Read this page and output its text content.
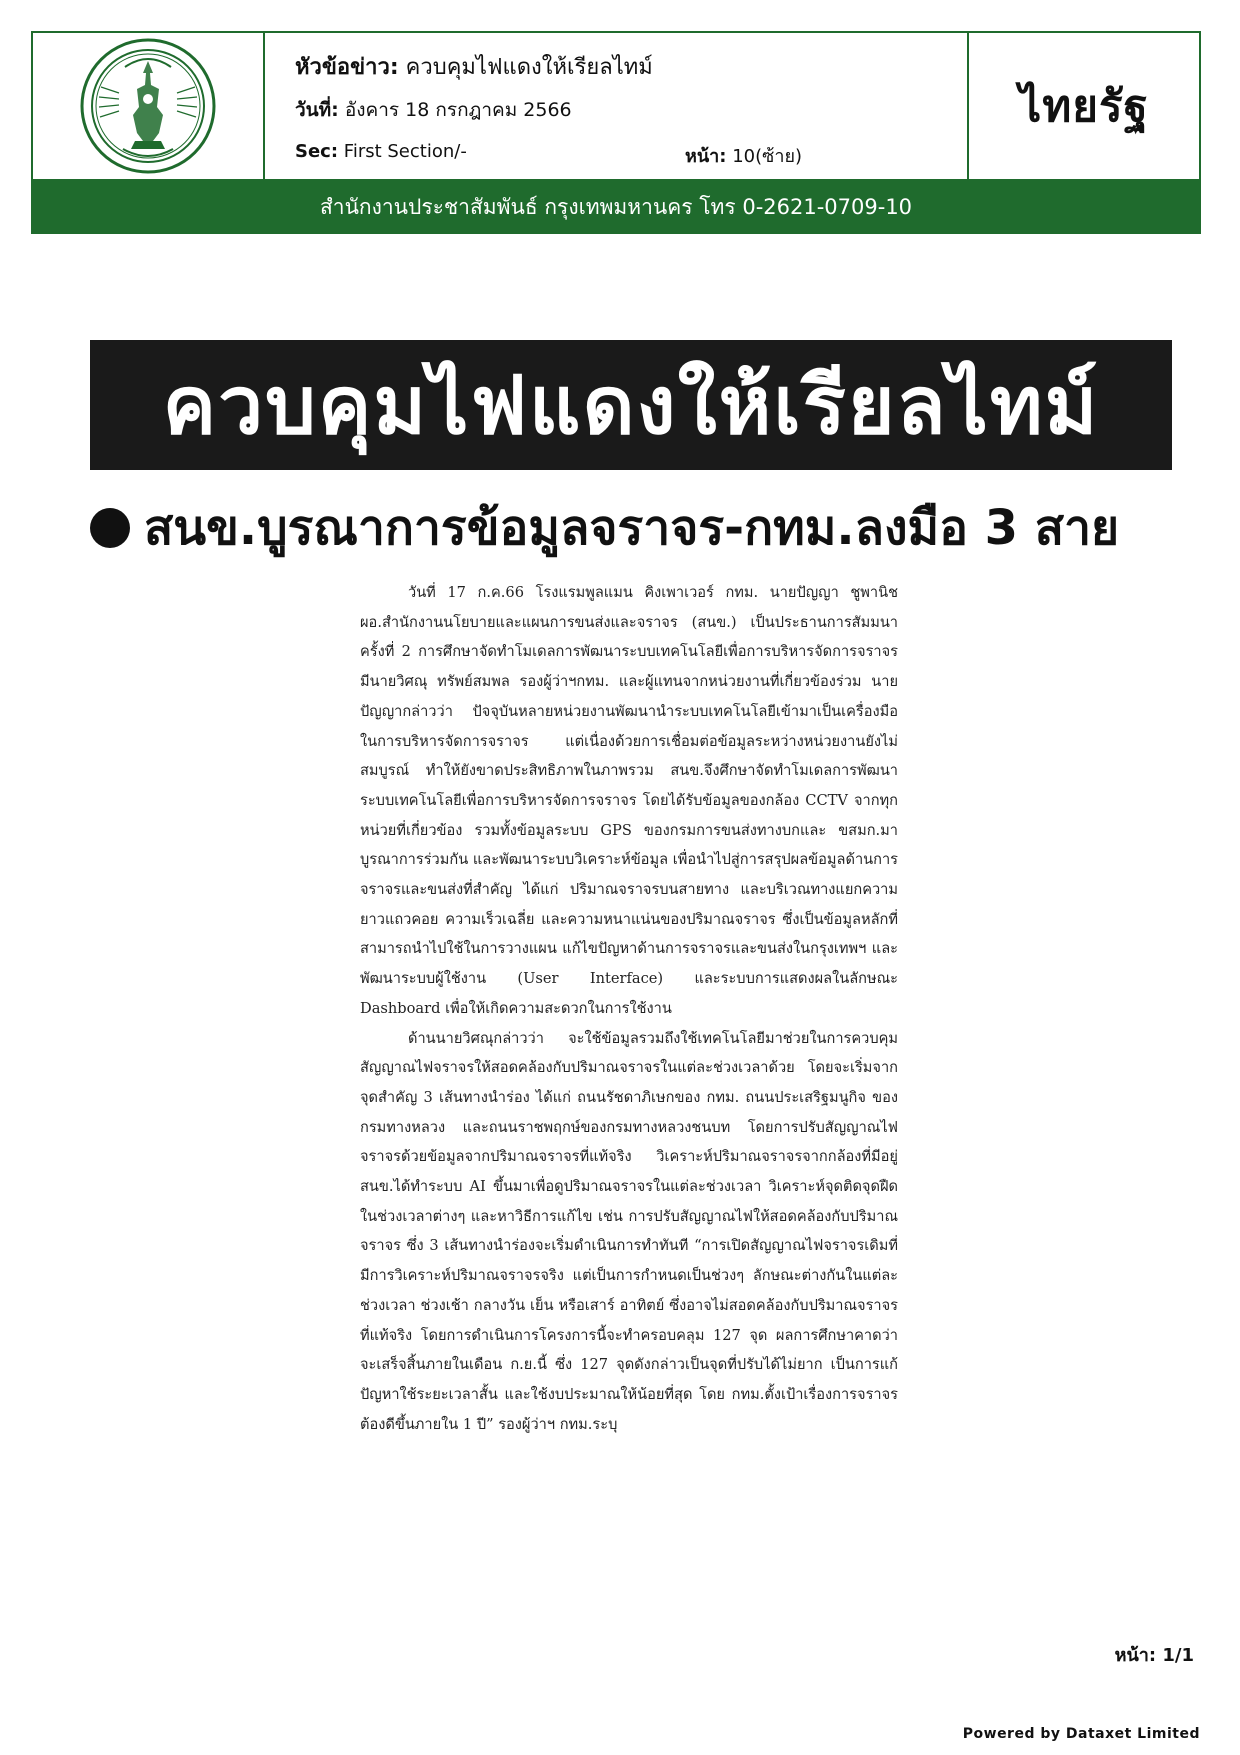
หัวข้อข่าว: ควบคุมไฟแดงให้เรียลไทม์
วันที่: อังคาร 18 กรกฎาคม 2566
Sec: First Section/-	หน้า: 10(ซ้าย)
ไทยรัฐ
สำนักงานประชาสัมพันธ์ กรุงเทพมหานคร โทร 0-2621-0709-10
ควบคุมไฟแดงให้เรียลไทม์
สนข.บูรณาการข้อมูลจราจร-กทม.ลงมือ 3 สาย

วันที่ 17 ก.ค.66 โรงแรมพูลแมน คิงเพาเวอร์ กทม. นายปัญญา ชูพานิช ผอ.สำนักงานนโยบายและแผนการขนส่งและจราจร (สนข.) เป็นประธานการสัมมนาครั้งที่ 2 การศึกษาจัดทำโมเดลการพัฒนาระบบเทคโนโลยีเพื่อการบริหารจัดการจราจร มีนายวิศณุ ทรัพย์สมพล รองผู้ว่าฯกทม. และผู้แทนจากหน่วยงานที่เกี่ยวข้องร่วม นายปัญญากล่าวว่า ปัจจุบันหลายหน่วยงานพัฒนานำระบบเทคโนโลยีเข้ามาเป็นเครื่องมือในการบริหารจัดการจราจร แต่เนื่องด้วยการเชื่อมต่อข้อมูลระหว่างหน่วยงานยังไม่สมบูรณ์ ทำให้ยังขาดประสิทธิภาพในภาพรวม สนข.จึงศึกษาจัดทำโมเดลการพัฒนาระบบเทคโนโลยีเพื่อการบริหารจัดการจราจร โดยได้รับข้อมูลของกล้อง CCTV จากทุกหน่วยที่เกี่ยวข้อง รวมทั้งข้อมูลระบบ GPS ของกรมการขนส่งทางบกและ ขสมก.มาบูรณาการร่วมกัน และพัฒนาระบบวิเคราะห์ข้อมูล เพื่อนำไปสู่การสรุปผลข้อมูลด้านการจราจรและขนส่งที่สำคัญ ได้แก่ ปริมาณจราจรบนสายทาง และบริเวณทางแยกความยาวแถวคอย ความเร็วเฉลี่ย และความหนาแน่นของปริมาณจราจร ซึ่งเป็นข้อมูลหลักที่สามารถนำไปใช้ในการวางแผน แก้ไขปัญหาด้านการจราจรและขนส่งในกรุงเทพฯ และพัฒนาระบบผู้ใช้งาน (User Interface) และระบบการแสดงผลในลักษณะ Dashboard เพื่อให้เกิดความสะดวกในการใช้งาน

ด้านนายวิศณุกล่าวว่า จะใช้ข้อมูลรวมถึงใช้เทคโนโลยีมาช่วยในการควบคุมสัญญาณไฟจราจรให้สอดคล้องกับปริมาณจราจรในแต่ละช่วงเวลาด้วย โดยจะเริ่มจากจุดสำคัญ 3 เส้นทางนำร่อง ได้แก่ ถนนรัชดาภิเษกของ กทม. ถนนประเสริฐมนูกิจ ของกรมทางหลวง และถนนราชพฤกษ์ของกรมทางหลวงชนบท โดยการปรับสัญญาณไฟจราจรด้วยข้อมูลจากปริมาณจราจรที่แท้จริง วิเคราะห์ปริมาณจราจรจากกล้องที่มีอยู่ สนข.ได้ทำระบบ AI ขึ้นมาเพื่อดูปริมาณจราจรในแต่ละช่วงเวลา วิเคราะห์จุดติดจุดฝืดในช่วงเวลาต่างๆ และหาวิธีการแก้ไข เช่น การปรับสัญญาณไฟให้สอดคล้องกับปริมาณจราจร ซึ่ง 3 เส้นทางนำร่องจะเริ่มดำเนินการทำทันที “การเปิดสัญญาณไฟจราจรเดิมที่มีการวิเคราะห์ปริมาณจราจรจริง แต่เป็นการกำหนดเป็นช่วงๆ ลักษณะต่างกันในแต่ละช่วงเวลา ช่วงเช้า กลางวัน เย็น หรือเสาร์ อาทิตย์ ซึ่งอาจไม่สอดคล้องกับปริมาณจราจรที่แท้จริง โดยการดำเนินการโครงการนี้จะทำครอบคลุม 127 จุด ผลการศึกษาคาดว่าจะเสร็จสิ้นภายในเดือน ก.ย.นี้ ซึ่ง 127 จุดดังกล่าวเป็นจุดที่ปรับได้ไม่ยาก เป็นการแก้ปัญหาใช้ระยะเวลาสั้น และใช้งบประมาณให้น้อยที่สุด โดย กทม.ตั้งเป้าเรื่องการจราจรต้องดีขึ้นภายใน 1 ปี” รองผู้ว่าฯ กทม.ระบุ

หน้า: 1/1
Powered by Dataxet Limited
